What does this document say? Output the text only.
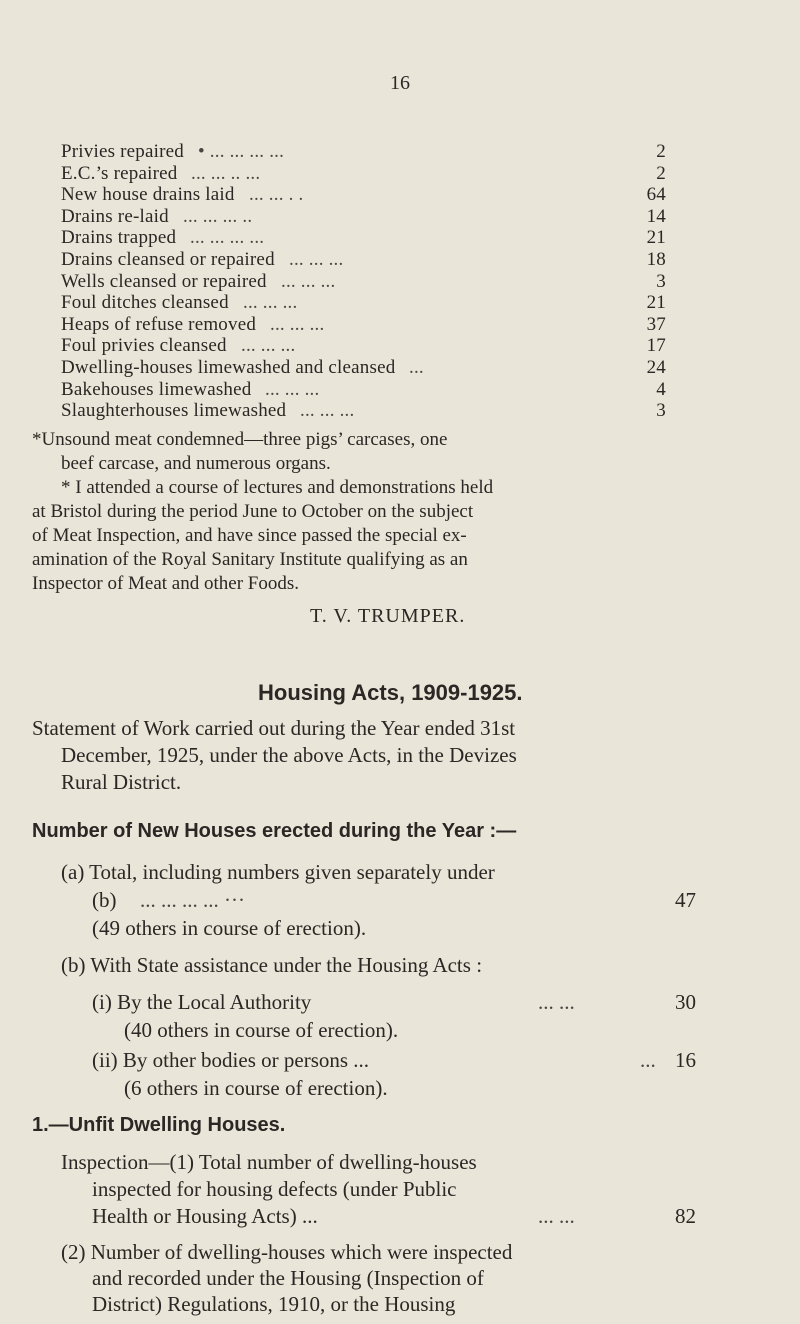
16
Privies repaired • ... ... ... ...	2
E.C.’s repaired ... ... .. ...	2
New house drains laid ... ... . .	64
Drains re-laid ... ... ... ..	14
Drains trapped ... ... ... ...	21
Drains cleansed or repaired ... ... ...	18
Wells cleansed or repaired ... ... ...	3
Foul ditches cleansed ... ... ...	21
Heaps of refuse removed ... ... ...	37
Foul privies cleansed ... ... ...	17
Dwelling-houses limewashed and cleansed ...	24
Bakehouses limewashed ... ... ...	4
Slaughterhouses limewashed ... ... ...	3
*Unsound meat condemned—three pigs’ carcases, one
beef carcase, and numerous organs.
* I attended a course of lectures and demonstrations held
at Bristol during the period June to October on the subject
of Meat Inspection, and have since passed the special ex-
amination of the Royal Sanitary Institute qualifying as an
Inspector of Meat and other Foods.
T. V. TRUMPER.
Housing Acts, 1909-1925.
Statement of Work carried out during the Year ended 31st
December, 1925, under the above Acts, in the Devizes
Rural District.
Number of New Houses erected during the Year :—
(a) Total, including numbers given separately under
(b) ... ... ... ... ···	47
(49 others in course of erection).
(b) With State assistance under the Housing Acts :
(i) By the Local Authority	... ...	30
(40 others in course of erection).
(ii) By other bodies or persons ...	... 16
(6 others in course of erection).
1.—Unfit Dwelling Houses.
Inspection—(1) Total number of dwelling-houses
inspected for housing defects (under Public
Health or Housing Acts) ...	... ...	82
(2) Number of dwelling-houses which were inspected
and recorded under the Housing (Inspection of
District) Regulations, 1910, or the Housing
